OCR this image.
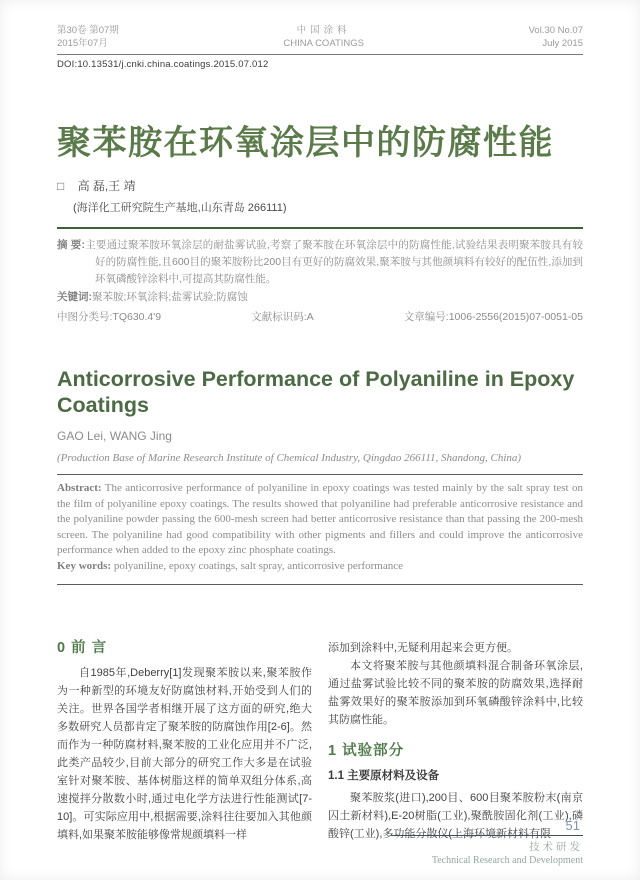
第30卷 第07期
2015年07月
中国涂料
CHINA COATINGS
Vol.30 No.07
July 2015
DOI:10.13531/j.cnki.china.coatings.2015.07.012
聚苯胺在环氧涂层中的防腐性能
□ 高 磊,王 靖
(海洋化工研究院生产基地,山东青岛 266111)

摘 要:主要通过聚苯胺环氧涂层的耐盐雾试验,考察了聚苯胺在环氧涂层中的防腐性能,试验结果表明聚苯胺具有较好的防腐性能,且600目的聚苯胺粉比200目有更好的防腐效果,聚苯胺与其他颜填料有较好的配伍性,添加到环氧磷酸锌涂料中,可提高其防腐性能。

关键词:聚苯胺;环氧涂料;盐雾试验;防腐蚀

中图分类号:TQ630.4'9	文献标识码:A	文章编号:1006-2556(2015)07-0051-05
Anticorrosive Performance of Polyaniline in Epoxy Coatings
GAO Lei, WANG Jing
(Production Base of Marine Research Institute of Chemical Industry, Qingdao 266111, Shandong, China)

Abstract: The anticorrosive performance of polyaniline in epoxy coatings was tested mainly by the salt spray test on the film of polyaniline epoxy coatings. The results showed that polyaniline had preferable anticorrosive resistance and the polyaniline powder passing the 600-mesh screen had better anticorrosive resistance than that passing the 200-mesh screen. The polyaniline had good compatibility with other pigments and fillers and could improve the anticorrosive performance when added to the epoxy zinc phosphate coatings.

Key words: polyaniline, epoxy coatings, salt spray, anticorrosive performance

0 前 言

自1985年,Deberry[1]发现聚苯胺以来,聚苯胺作为一种新型的环境友好防腐蚀材料,开始受到人们的关注。世界各国学者相继开展了这方面的研究,绝大多数研究人员都肯定了聚苯胺的防腐蚀作用[2-6]。然而作为一种防腐材料,聚苯胺的工业化应用并不广泛,此类产品较少,目前大部分的研究工作大多是在试验室针对聚苯胺、基体树脂这样的简单双组分体系,高速搅拌分散数小时,通过电化学方法进行性能测试[7-10]。可实际应用中,根据需要,涂料往往要加入其他颜填料,如果聚苯胺能够像常规颜填料一样

添加到涂料中,无疑利用起来会更方便。

本文将聚苯胺与其他颜填料混合制备环氧涂层,通过盐雾试验比较不同的聚苯胺的防腐效果,选择耐盐雾效果好的聚苯胺添加到环氧磷酸锌涂料中,比较其防腐性能。

1 试验部分
1.1 主要原材料及设备

聚苯胺浆(进口),200目、600目聚苯胺粉末(南京囚土新材料),E-20树脂(工业),聚酰胺固化剂(工业),磷酸锌(工业),多功能分散仪(上海环境新材料有限

51
技术研发
Technical Research and Development
